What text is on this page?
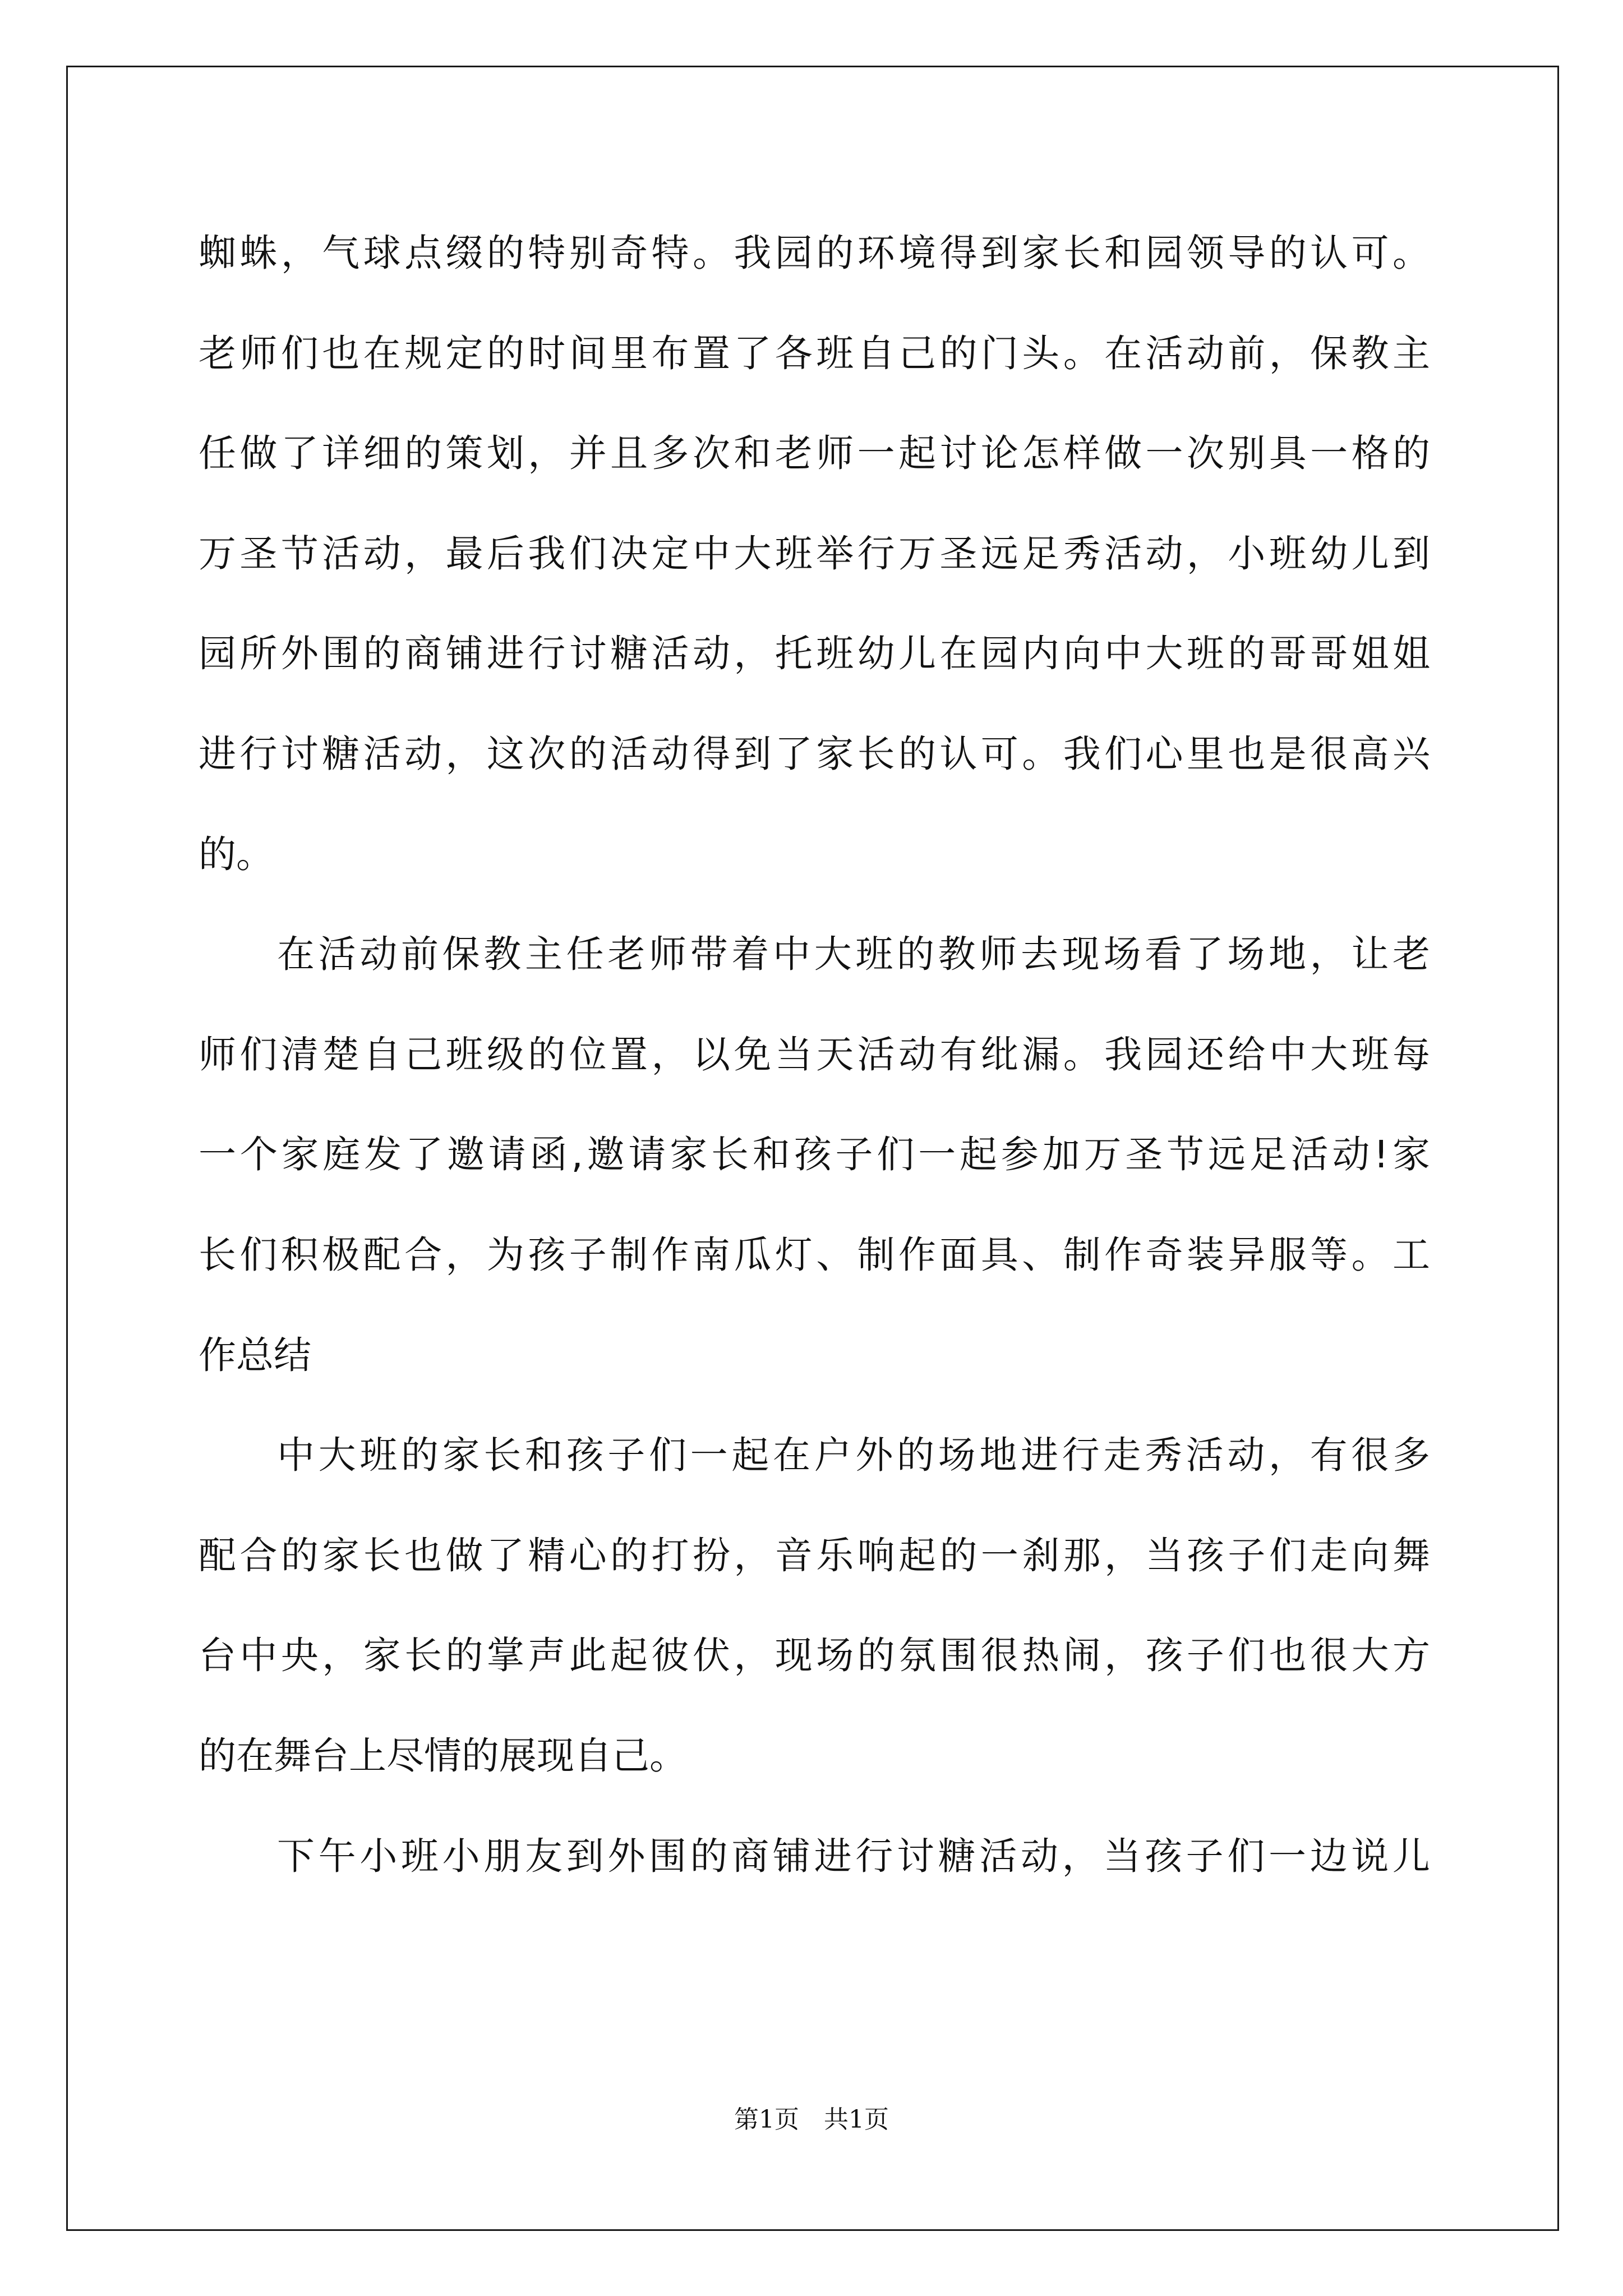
蜘蛛，气球点缀的特别奇特。我园的环境得到家长和园领导的认可。
老师们也在规定的时间里布置了各班自己的门头。在活动前，保教主
任做了详细的策划，并且多次和老师一起讨论怎样做一次别具一格的
万圣节活动，最后我们决定中大班举行万圣远足秀活动，小班幼儿到
园所外围的商铺进行讨糖活动，托班幼儿在园内向中大班的哥哥姐姐
进行讨糖活动，这次的活动得到了家长的认可。我们心里也是很高兴
的。
在活动前保教主任老师带着中大班的教师去现场看了场地，让老
师们清楚自己班级的位置，以免当天活动有纰漏。我园还给中大班每
一个家庭发了邀请函,邀请家长和孩子们一起参加万圣节远足活动!家
长们积极配合，为孩子制作南瓜灯、制作面具、制作奇装异服等。工
作总结
中大班的家长和孩子们一起在户外的场地进行走秀活动，有很多
配合的家长也做了精心的打扮，音乐响起的一刹那，当孩子们走向舞
台中央，家长的掌声此起彼伏，现场的氛围很热闹，孩子们也很大方
的在舞台上尽情的展现自己。
下午小班小朋友到外围的商铺进行讨糖活动，当孩子们一边说儿
第1页　共1页
